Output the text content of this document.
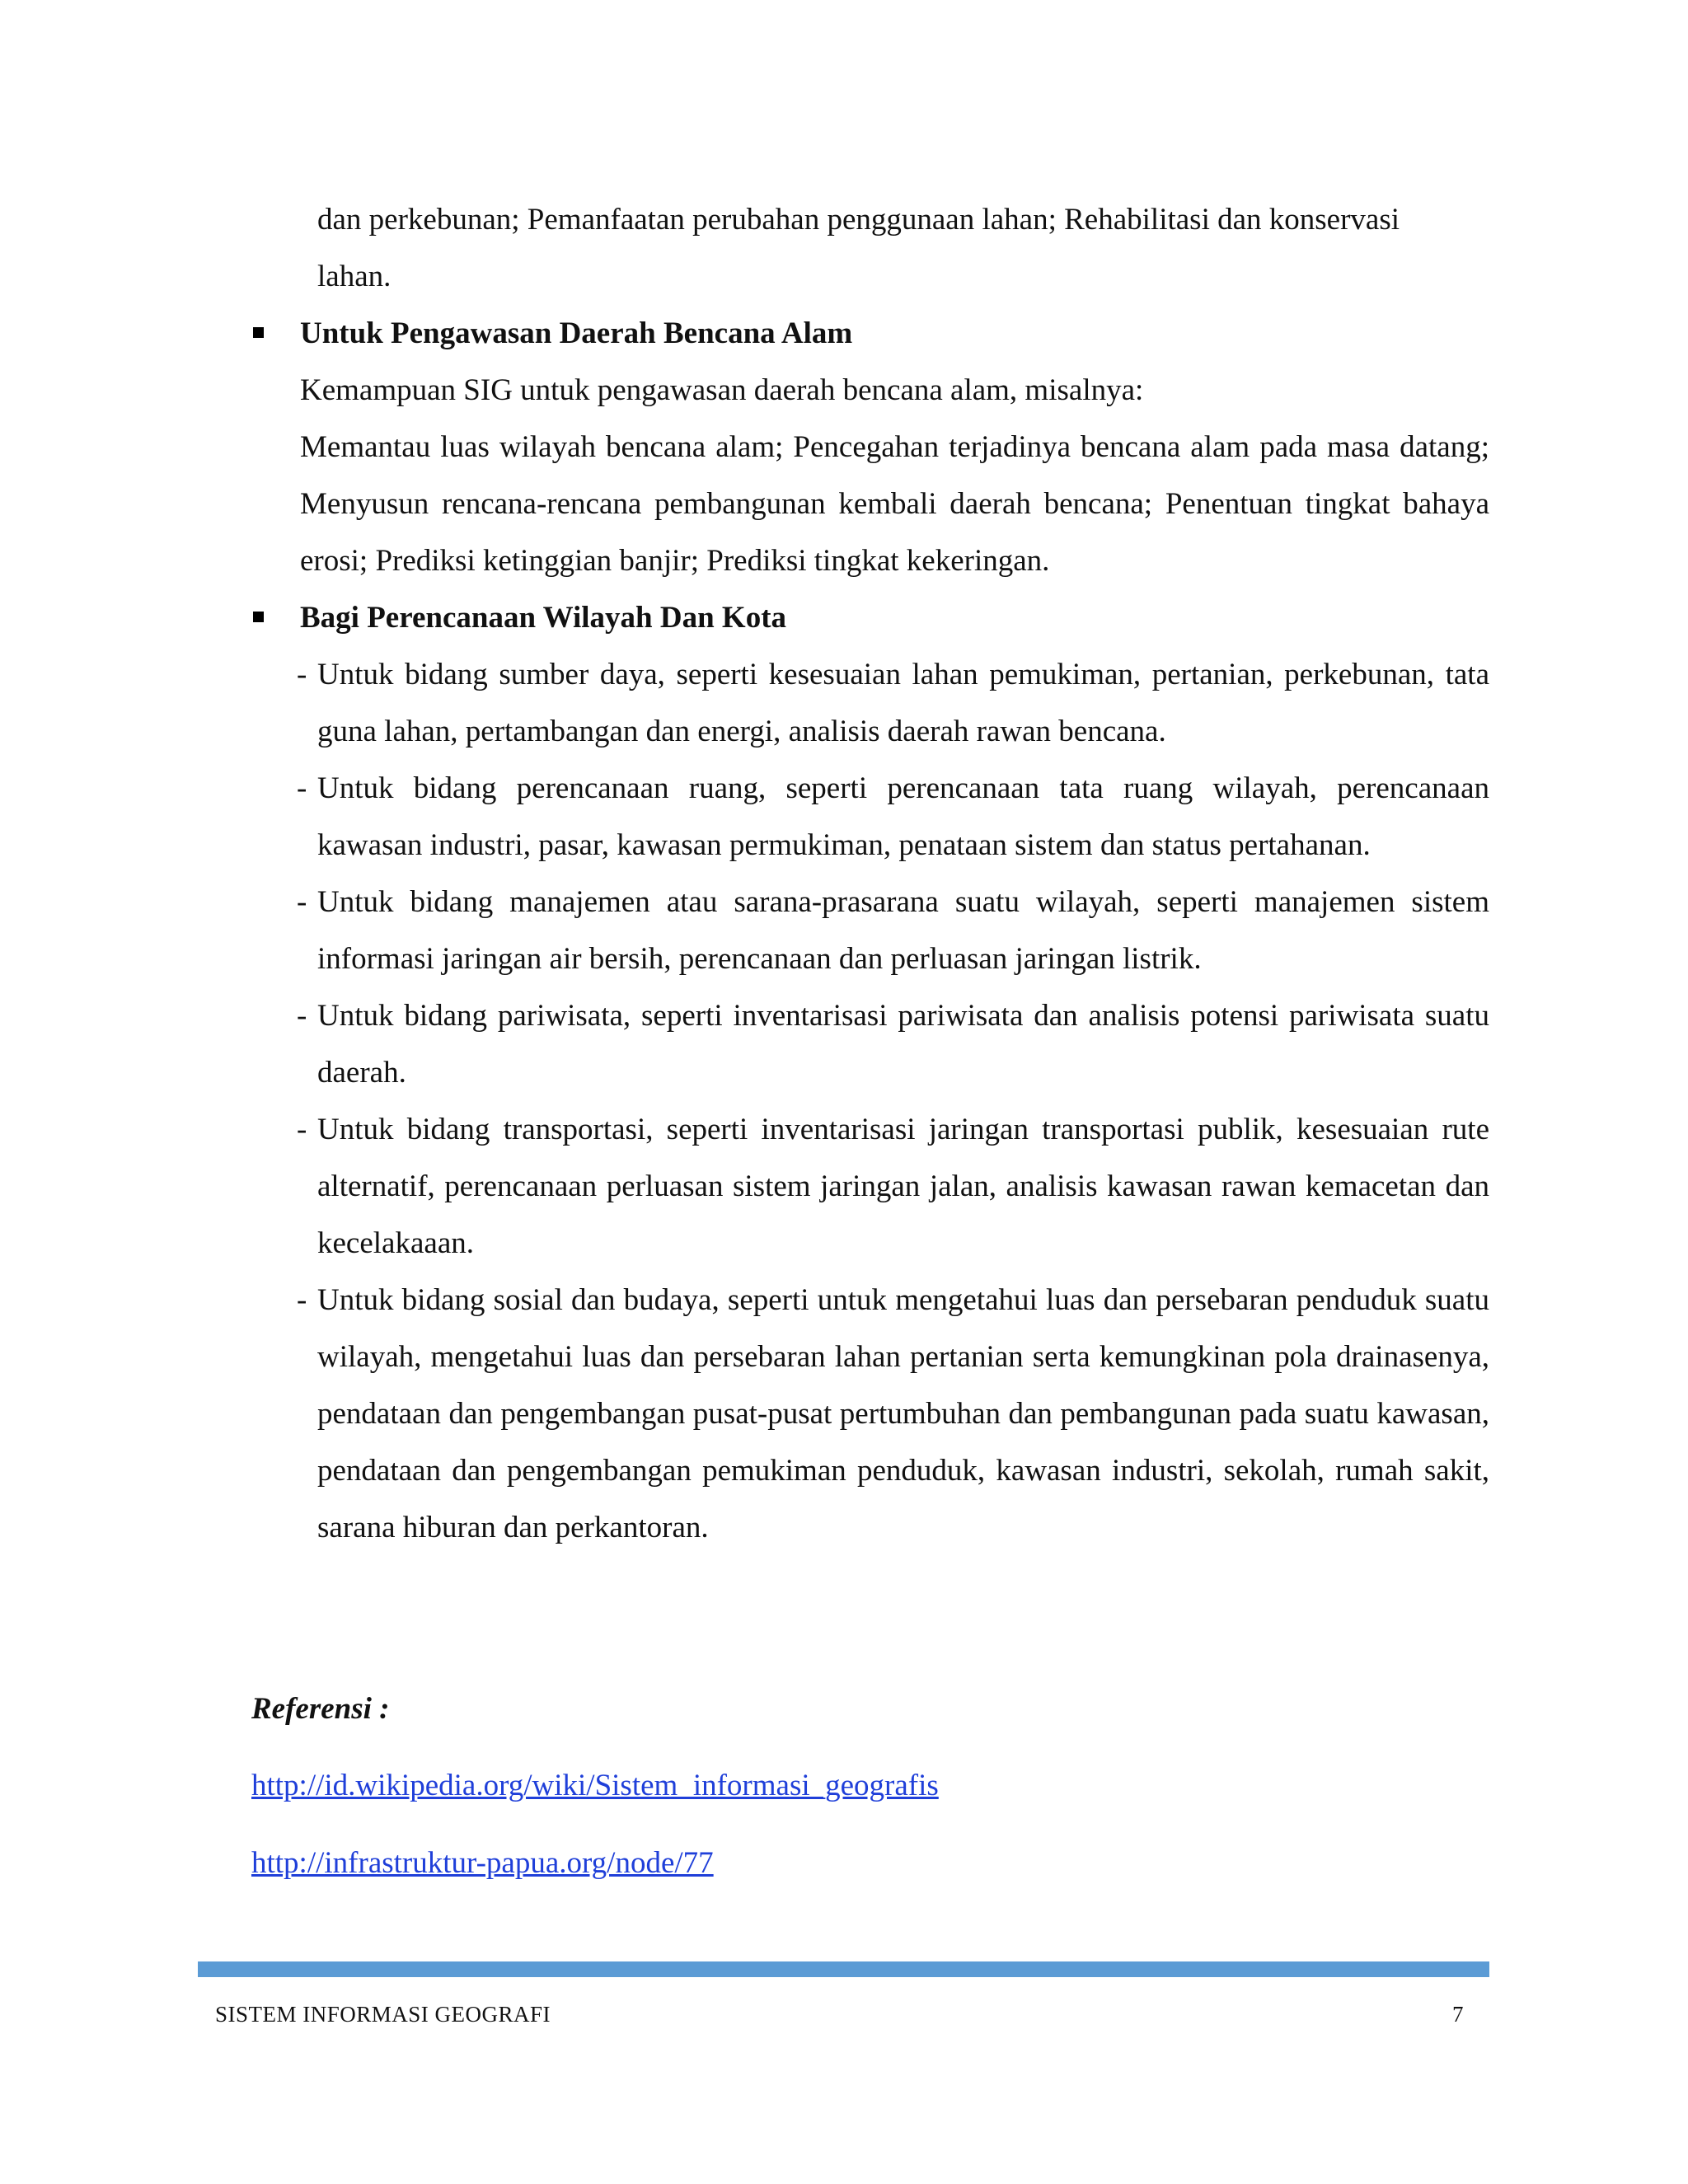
dan perkebunan; Pemanfaatan perubahan penggunaan lahan; Rehabilitasi dan konservasi

lahan.

Untuk Pengawasan Daerah Bencana Alam

Kemampuan SIG untuk pengawasan daerah bencana alam, misalnya:

Memantau luas wilayah bencana alam; Pencegahan terjadinya bencana alam pada masa datang; Menyusun rencana-rencana pembangunan kembali daerah bencana; Penentuan tingkat bahaya erosi; Prediksi ketinggian banjir; Prediksi tingkat kekeringan.

Bagi Perencanaan Wilayah Dan Kota

- Untuk bidang sumber daya, seperti kesesuaian lahan pemukiman, pertanian, perkebunan, tata guna lahan, pertambangan dan energi, analisis daerah rawan bencana.

- Untuk bidang perencanaan ruang, seperti perencanaan tata ruang wilayah, perencanaan kawasan industri, pasar, kawasan permukiman, penataan sistem dan status pertahanan.

- Untuk bidang manajemen atau sarana-prasarana suatu wilayah, seperti manajemen sistem informasi jaringan air bersih, perencanaan dan perluasan jaringan listrik.

- Untuk bidang pariwisata, seperti inventarisasi pariwisata dan analisis potensi pariwisata suatu daerah.

- Untuk bidang transportasi, seperti inventarisasi jaringan transportasi publik, kesesuaian rute alternatif, perencanaan perluasan sistem jaringan jalan, analisis kawasan rawan kemacetan dan kecelakaaan.

- Untuk bidang sosial dan budaya, seperti untuk mengetahui luas dan persebaran penduduk suatu wilayah, mengetahui luas dan persebaran lahan pertanian serta kemungkinan pola drainasenya, pendataan dan pengembangan pusat-pusat pertumbuhan dan pembangunan pada suatu kawasan, pendataan dan pengembangan pemukiman penduduk, kawasan industri, sekolah, rumah sakit, sarana hiburan dan perkantoran.

Referensi :
http://id.wikipedia.org/wiki/Sistem_informasi_geografis
http://infrastruktur-papua.org/node/77
SISTEM INFORMASI GEOGRAFI	7
